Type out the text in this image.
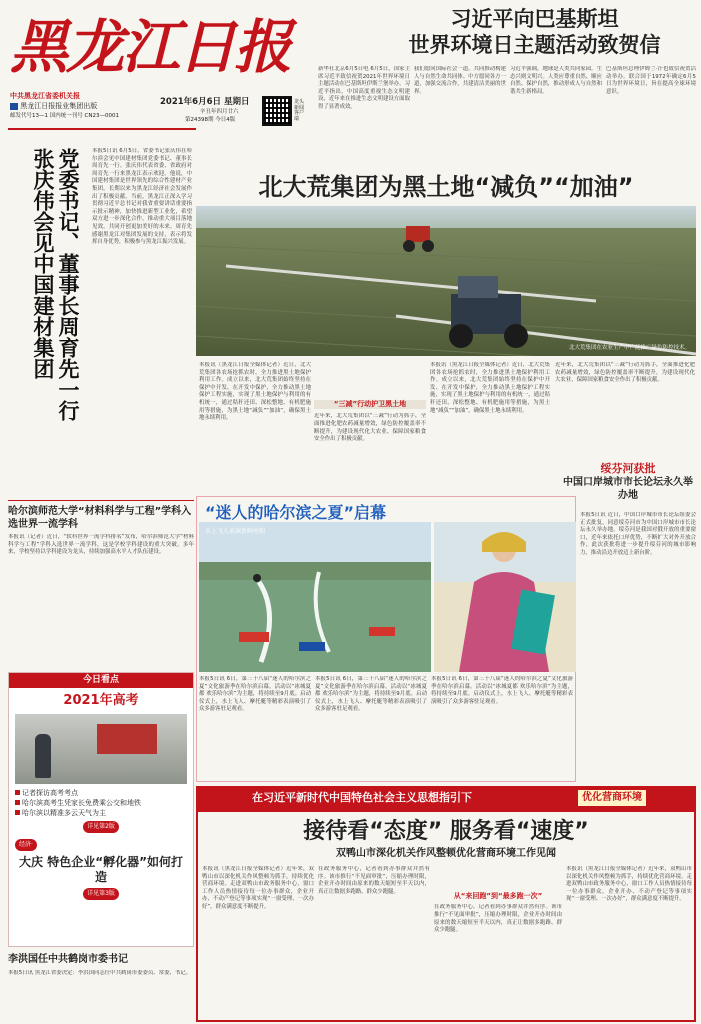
黑龙江日报
中共黑龙江省委机关报
黑龙江日报报业集团出版
邮发代号13—1 国内统一刊号 CN23—0001
2021年6月6日 星期日
辛丑年四月廿六
第24398期 今日4版
龙头新闻客户端
习近平向巴基斯坦
世界环境日主题活动致贺信
新华社北京6月5日电 6月5日，国家主席习近平致信祝贺2021年世界环境日主题活动在巴基斯坦伊斯兰堡举办。习近平指出，中国高度重视生态文明建设，近年来在推进生态文明建设方面取得了显著成效。
我们愿同国际社会一道，共同推动构建人与自然生命共同体。中方愿同各方一道，加强交流合作，共建清洁美丽的世界。
习近平强调，地球是人类共同家园。生态兴则文明兴。人类应尊重自然、顺应自然、保护自然，推动形成人与自然和谐共生新格局。
巴基斯坦总理伊姆兰·汗也致信祝贺活动举办。联合国于1972年确定6月5日为世界环境日，旨在提高全球环境意识。
党委书记、董事长周育先一行
张庆伟会见中国建材集团	本报5日讯 6月5日，省委书记张庆伟在哈尔滨会见中国建材集团党委书记、董事长周育先一行。张庆伟代表省委、省政府对周育先一行来黑龙江表示欢迎。他说，中国建材集团是世界领先的综合性建材产业集团，长期以来为黑龙江经济社会发展作出了积极贡献。当前，黑龙江正深入学习贯彻习近平总书记对我省重要讲话重要指示批示精神，加快推进新型工业化，希望双方进一步深化合作，推动重大项目落地见效，共同开创更加美好的未来。周育先感谢黑龙江对集团发展的支持，表示将发挥自身优势，积极参与黑龙江振兴发展。
哈尔滨师范大学“材料科学与工程”学科入选世界一流学科
本报讯（记者）近日，“软科世界一流学科排名”发布，哈尔滨师范大学“材料科学与工程”学科入选世界一流学科，这是学校学科建设的重大突破。多年来，学校坚持以学科建设为龙头，持续加强高水平人才队伍建设。
今日看点
2021年高考
记者探访高考考点
哈尔滨高考生凭家长免费乘公交和地铁
哈尔滨以精准多云天气为主
详见第2版
经济·
大庆 特色企业“孵化器”如何打造
详见第3版
李洪国任中共鹤岗市委书记
本报5日讯 黑龙江省委决定：李洪国同志任中共鹤岗市委委员、常委、书记。
北大荒集团为黑土地“减负”“加油”
北大荒集团在农业生产中广泛推广绿色防控技术。
本报讯（黑龙江日报全媒体记者）近日，北大荒集团各农场抢抓农时，全力推进黑土地保护利用工作。成立以来，北大荒集团始终坚持在保护中开发、在开发中保护，全力推动黑土地保护工程实施，实现了黑土地保护与利用的有机统一，通过秸秆还田、深松整地、有机肥施用等措施，为黑土地“减负”“加油”，确保黑土地永续利用。
“三减”行动护卫黑土地
近年来，北大荒集团以“三减”行动为抓手，全面推进化肥农药减量增效，绿色防控覆盖率不断提升，为建设现代化大农业、保障国家粮食安全作出了积极贡献。
本报讯（黑龙江日报全媒体记者）近日，北大荒集团各农场抢抓农时，全力推进黑土地保护利用工作。成立以来，北大荒集团始终坚持在保护中开发、在开发中保护，全力推动黑土地保护工程实施，实现了黑土地保护与利用的有机统一，通过秸秆还田、深松整地、有机肥施用等措施，为黑土地“减负”“加油”，确保黑土地永续利用。
近年来，北大荒集团以“三减”行动为抓手，全面推进化肥农药减量增效，绿色防控覆盖率不断提升，为建设现代化大农业、保障国家粮食安全作出了积极贡献。
绥芬河获批
中国口岸城市市长论坛永久举办地
本报5日讯 近日，中国口岸城市市长论坛组委会正式批复，同意绥芬河市为中国口岸城市市长论坛永久举办地。绥芬河是我国对俄开放的重要窗口，近年来依托口岸优势，不断扩大对外开放合作，此次获批将进一步提升绥芬河的城市影响力，推动沿边开放迈上新台阶。
“迷人的哈尔滨之夏”启幕
水上飞人表演新鲜亮相
本报5日讯 6日，第三十八届“迷人的哈尔滨之夏”文化旅游季在哈尔滨启幕。活动以“冰城夏都 欢乐哈尔滨”为主题，将持续至9月底。启动仪式上，水上飞人、摩托艇等精彩表演吸引了众多游客驻足观看。
本报5日讯 6日，第三十八届“迷人的哈尔滨之夏”文化旅游季在哈尔滨启幕。活动以“冰城夏都 欢乐哈尔滨”为主题，将持续至9月底。启动仪式上，水上飞人、摩托艇等精彩表演吸引了众多游客驻足观看。
本报5日讯 6日，第三十八届“迷人的哈尔滨之夏”文化旅游季在哈尔滨启幕。活动以“冰城夏都 欢乐哈尔滨”为主题，将持续至9月底。启动仪式上，水上飞人、摩托艇等精彩表演吸引了众多游客驻足观看。
在习近平新时代中国特色社会主义思想指引下	优化营商环境
接待看“态度” 服务看“速度”
双鸭山市深化机关作风整顿优化营商环境工作见闻
本报讯（黑龙江日报全媒体记者）近年来，双鸭山市以深化机关作风整顿为抓手，持续优化营商环境。走进双鸭山市政务服务中心，窗口工作人员热情接待每一位办事群众，企业开办、不动产登记等事项实现“一窗受理、一次办好”，群众满意度不断提升。
在政务服务中心，记者看到办事群众井然有序。该市推行“不见面审批”，压缩办理时限，企业开办时间由原来的数天缩短至半天以内，真正让数据多跑路、群众少跑腿。
从“来回跑”到“最多跑一次”
在政务服务中心，记者看到办事群众井然有序。该市推行“不见面审批”，压缩办理时限，企业开办时间由原来的数天缩短至半天以内，真正让数据多跑路、群众少跑腿。
本报讯（黑龙江日报全媒体记者）近年来，双鸭山市以深化机关作风整顿为抓手，持续优化营商环境。走进双鸭山市政务服务中心，窗口工作人员热情接待每一位办事群众，企业开办、不动产登记等事项实现“一窗受理、一次办好”，群众满意度不断提升。
